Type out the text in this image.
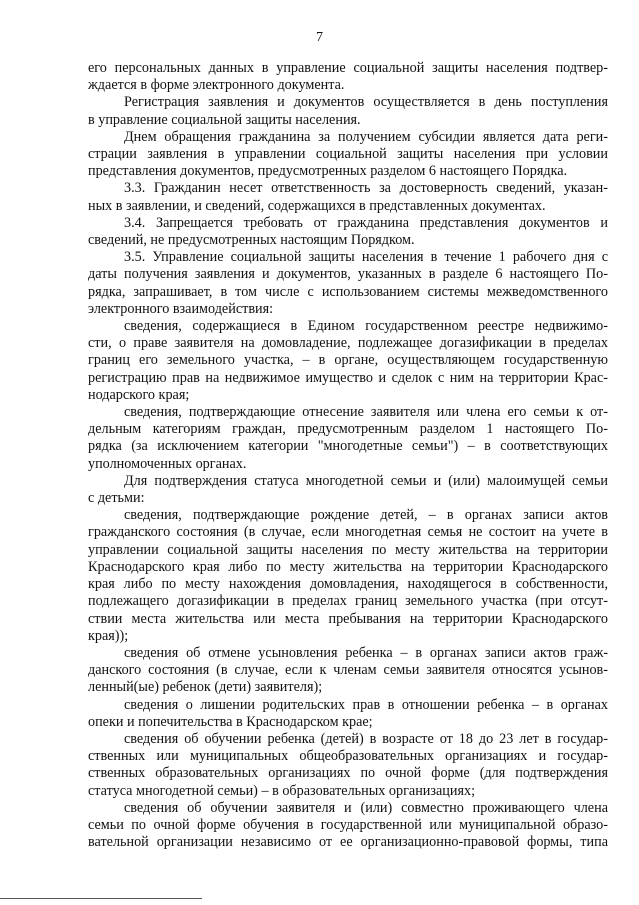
7
его персональных данных в управление социальной защиты населения подтвер-
ждается в форме электронного документа.
Регистрация заявления и документов осуществляется в день поступления
в управление социальной защиты населения.
Днем обращения гражданина за получением субсидии является дата реги-
страции заявления в управлении социальной защиты населения при условии
представления документов, предусмотренных разделом 6 настоящего Порядка.
3.3. Гражданин несет ответственность за достоверность сведений, указан-
ных в заявлении, и сведений, содержащихся в представленных документах.
3.4. Запрещается требовать от гражданина представления документов и
сведений, не предусмотренных настоящим Порядком.
3.5. Управление социальной защиты населения в течение 1 рабочего дня с
даты получения заявления и документов, указанных в разделе 6 настоящего По-
рядка, запрашивает, в том числе с использованием системы межведомственного
электронного взаимодействия:
сведения, содержащиеся в Едином государственном реестре недвижимо-
сти, о праве заявителя на домовладение, подлежащее догазификации в пределах
границ его земельного участка, – в органе, осуществляющем государственную
регистрацию прав на недвижимое имущество и сделок с ним на территории Крас-
нодарского края;
сведения, подтверждающие отнесение заявителя или члена его семьи к от-
дельным категориям граждан, предусмотренным разделом 1 настоящего По-
рядка (за исключением категории "многодетные семьи") – в соответствующих
уполномоченных органах.
Для подтверждения статуса многодетной семьи и (или) малоимущей семьи
с детьми:
сведения, подтверждающие рождение детей, – в органах записи актов
гражданского состояния (в случае, если многодетная семья не состоит на учете в
управлении социальной защиты населения по месту жительства на территории
Краснодарского края либо по месту жительства на территории Краснодарского
края либо по месту нахождения домовладения, находящегося в собственности,
подлежащего догазификации в пределах границ земельного участка (при отсут-
ствии места жительства или места пребывания на территории Краснодарского
края));
сведения об отмене усыновления ребенка – в органах записи актов граж-
данского состояния (в случае, если к членам семьи заявителя относятся усынов-
ленный(ые) ребенок (дети) заявителя);
сведения о лишении родительских прав в отношении ребенка – в органах
опеки и попечительства в Краснодарском крае;
сведения об обучении ребенка (детей) в возрасте от 18 до 23 лет в государ-
ственных или муниципальных общеобразовательных организациях и государ-
ственных образовательных организациях по очной форме (для подтверждения
статуса многодетной семьи) – в образовательных организациях;
сведения об обучении заявителя и (или) совместно проживающего члена
семьи по очной форме обучения в государственной или муниципальной образо-
вательной организации независимо от ее организационно-правовой формы, типа
